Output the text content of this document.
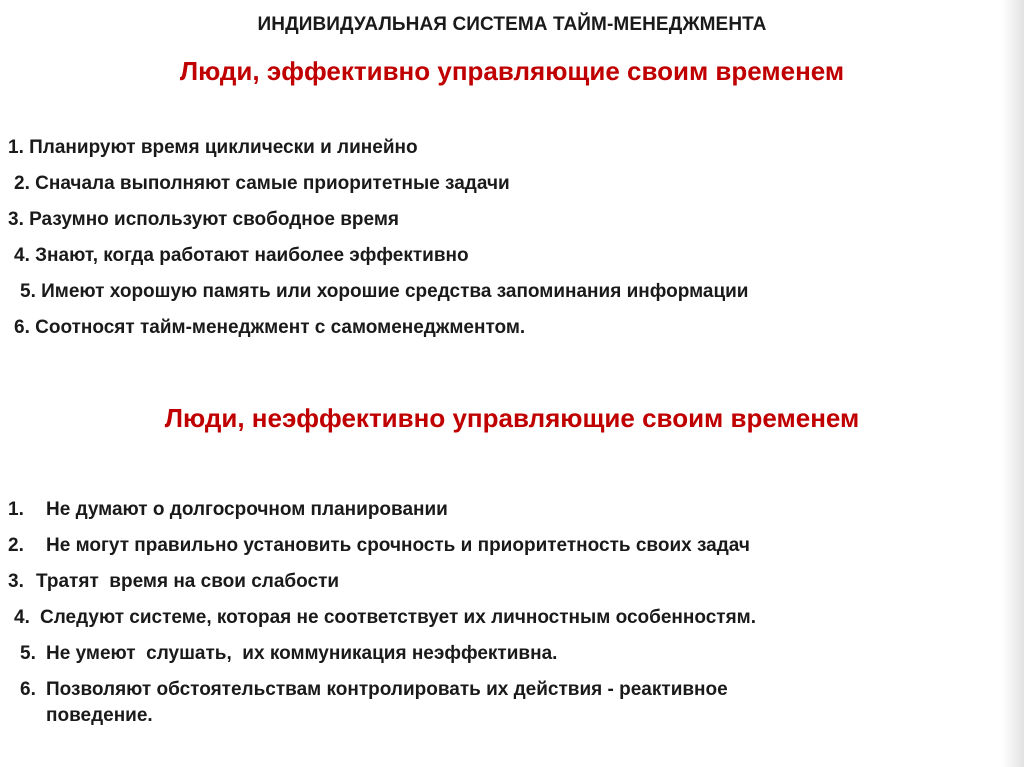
ИНДИВИДУАЛЬНАЯ СИСТЕМА ТАЙМ-МЕНЕДЖМЕНТА
Люди, эффективно управляющие своим временем
1. Планируют время циклически и линейно
2. Сначала выполняют самые приоритетные задачи
3. Разумно используют свободное время
4. Знают, когда работают наиболее эффективно
5. Имеют хорошую память или хорошие средства запоминания информации
6. Соотносят тайм-менеджмент с самоменеджментом.
Люди, неэффективно управляющие своим временем
1. Не думают о долгосрочном планировании
2. Не могут правильно установить срочность и приоритетность своих задач
3. Тратят  время на свои слабости
4. Следуют системе, которая не соответствует их личностным особенностям.
5. Не умеют  слушать,  их коммуникация неэффективна.
6. Позволяют обстоятельствам контролировать их действия - реактивное
поведение.
